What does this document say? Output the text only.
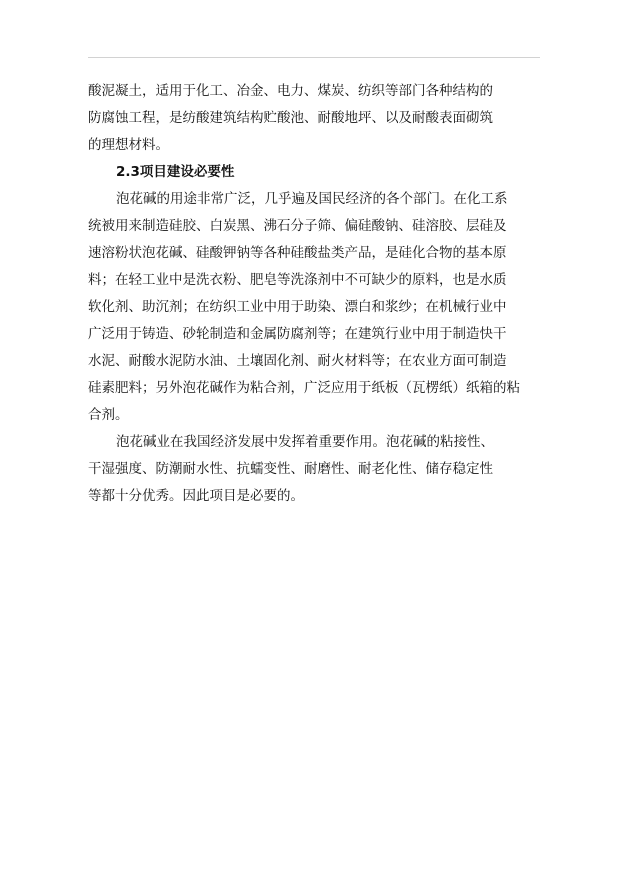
酸泥凝土，适用于化工、冶金、电力、煤炭、纺织等部门各种结构的
防腐蚀工程，是纺酸建筑结构贮酸池、耐酸地坪、以及耐酸表面砌筑
的理想材料。
2.3项目建设必要性
泡花碱的用途非常广泛，几乎遍及国民经济的各个部门。在化工系
统被用来制造硅胶、白炭黑、沸石分子筛、偏硅酸钠、硅溶胶、层硅及
速溶粉状泡花碱、硅酸钾钠等各种硅酸盐类产品，是硅化合物的基本原
料；在轻工业中是洗衣粉、肥皂等洗涤剂中不可缺少的原料，也是水质
软化剂、助沉剂；在纺织工业中用于助染、漂白和浆纱；在机械行业中
广泛用于铸造、砂轮制造和金属防腐剂等；在建筑行业中用于制造快干
水泥、耐酸水泥防水油、土壤固化剂、耐火材料等；在农业方面可制造
硅素肥料；另外泡花碱作为粘合剂，广泛应用于纸板（瓦楞纸）纸箱的粘
合剂。
泡花碱业在我国经济发展中发挥着重要作用。泡花碱的粘接性、
干湿强度、防潮耐水性、抗蠕变性、耐磨性、耐老化性、储存稳定性
等都十分优秀。因此项目是必要的。
